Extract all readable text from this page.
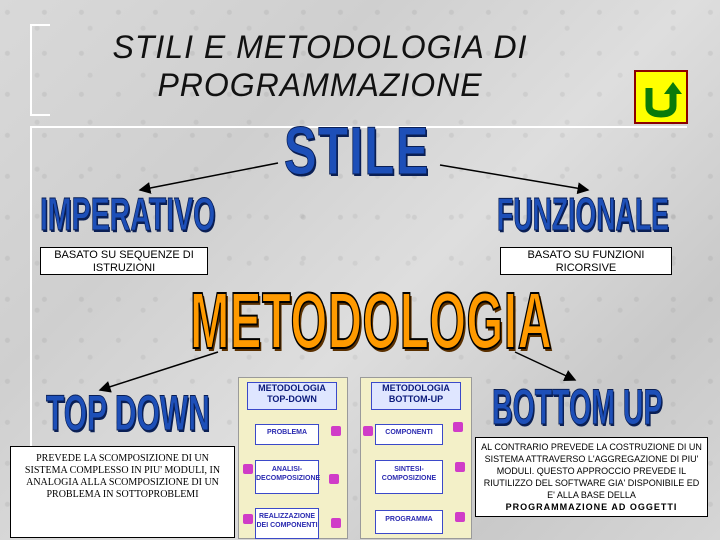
STILI E METODOLOGIA DI
PROGRAMMAZIONE
STILE
IMPERATIVO	FUNZIONALE
BASATO SU SEQUENZE DI ISTRUZIONI
BASATO SU FUNZIONI RICORSIVE
METODOLOGIA
TOP DOWN	BOTTOM UP
PREVEDE LA SCOMPOSIZIONE DI UN SISTEMA COMPLESSO IN PIU' MODULI, IN ANALOGIA ALLA SCOMPOSIZIONE DI UN PROBLEMA IN SOTTOPROBLEMI
AL CONTRARIO PREVEDE LA COSTRUZIONE DI UN SISTEMA ATTRAVERSO L'AGGREGAZIONE DI PIU' MODULI. QUESTO APPROCCIO PREVEDE IL RIUTILIZZO DEL SOFTWARE GIA' DISPONIBILE ED E' ALLA BASE DELLA
PROGRAMMAZIONE AD OGGETTI
METODOLOGIA
TOP-DOWN
PROBLEMA
ANALISI-
DECOMPOSIZIONE
REALIZZAZIONE
DEI COMPONENTI
METODOLOGIA
BOTTOM-UP
COMPONENTI
SINTESI-
COMPOSIZIONE
PROGRAMMA
